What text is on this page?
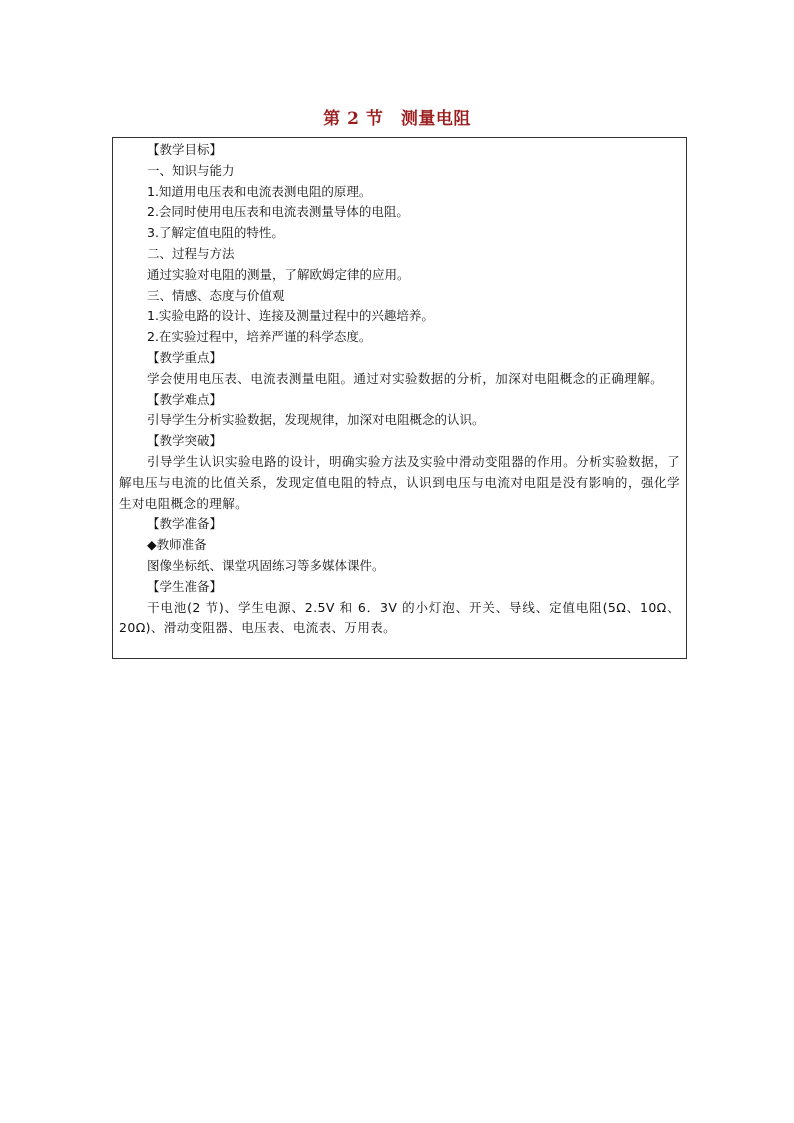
第 2 节　测量电阻

【教学目标】

一、知识与能力

1.知道用电压表和电流表测电阻的原理。

2.会同时使用电压表和电流表测量导体的电阻。

3.了解定值电阻的特性。

二、过程与方法

通过实验对电阻的测量，了解欧姆定律的应用。

三、情感、态度与价值观

1.实验电路的设计、连接及测量过程中的兴趣培养。

2.在实验过程中，培养严谨的科学态度。

【教学重点】

学会使用电压表、电流表测量电阻。通过对实验数据的分析，加深对电阻概念的正确理解。

【教学难点】

引导学生分析实验数据，发现规律，加深对电阻概念的认识。

【教学突破】

引导学生认识实验电路的设计，明确实验方法及实验中滑动变阻器的作用。分析实验数据，了解电压与电流的比值关系，发现定值电阻的特点，认识到电压与电流对电阻是没有影响的，强化学生对电阻概念的理解。

【教学准备】

◆教师准备

图像坐标纸、课堂巩固练习等多媒体课件。

【学生准备】

干电池(2 节)、学生电源、2.5V 和 6．3V 的小灯泡、开关、导线、定值电阻(5Ω、10Ω、20Ω)、滑动变阻器、电压表、电流表、万用表。
